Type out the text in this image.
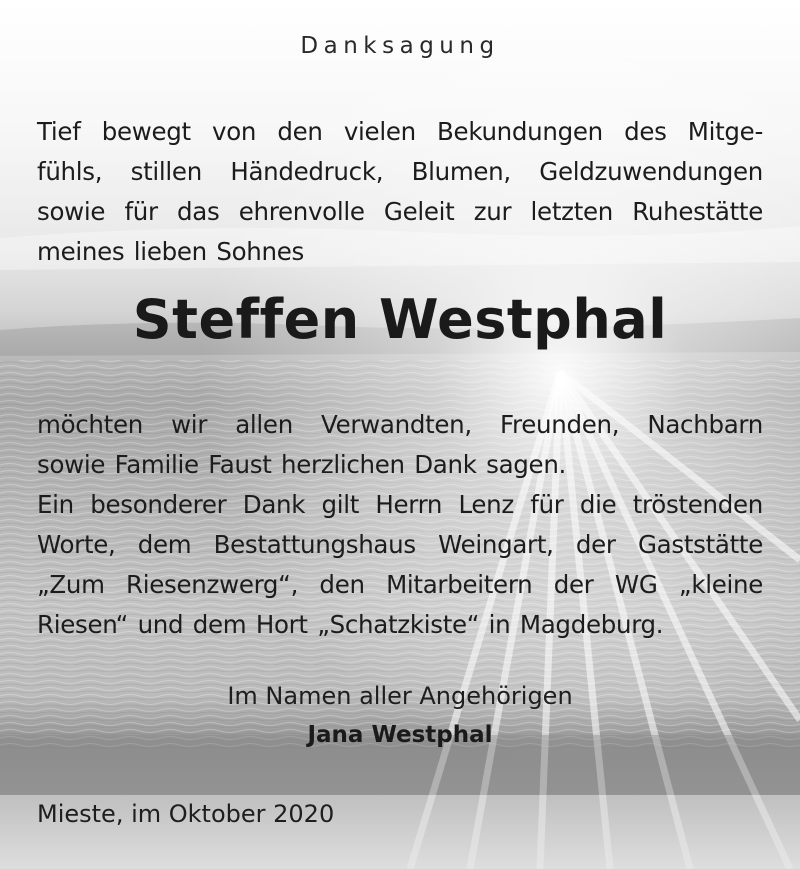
Danksagung
Tief bewegt von den vielen Bekundungen des Mitge-
fühls, stillen Händedruck, Blumen, Geldzuwendungen
sowie für das ehrenvolle Geleit zur letzten Ruhestätte
meines lieben Sohnes
Steffen Westphal
möchten wir allen Verwandten, Freunden, Nachbarn
sowie Familie Faust herzlichen Dank sagen.
Ein besonderer Dank gilt Herrn Lenz für die tröstenden
Worte, dem Bestattungshaus Weingart, der Gaststätte
„Zum Riesenzwerg“, den Mitarbeitern der WG „kleine
Riesen“ und dem Hort „Schatzkiste“ in Magdeburg.
Im Namen aller Angehörigen
Jana Westphal
Mieste, im Oktober 2020
